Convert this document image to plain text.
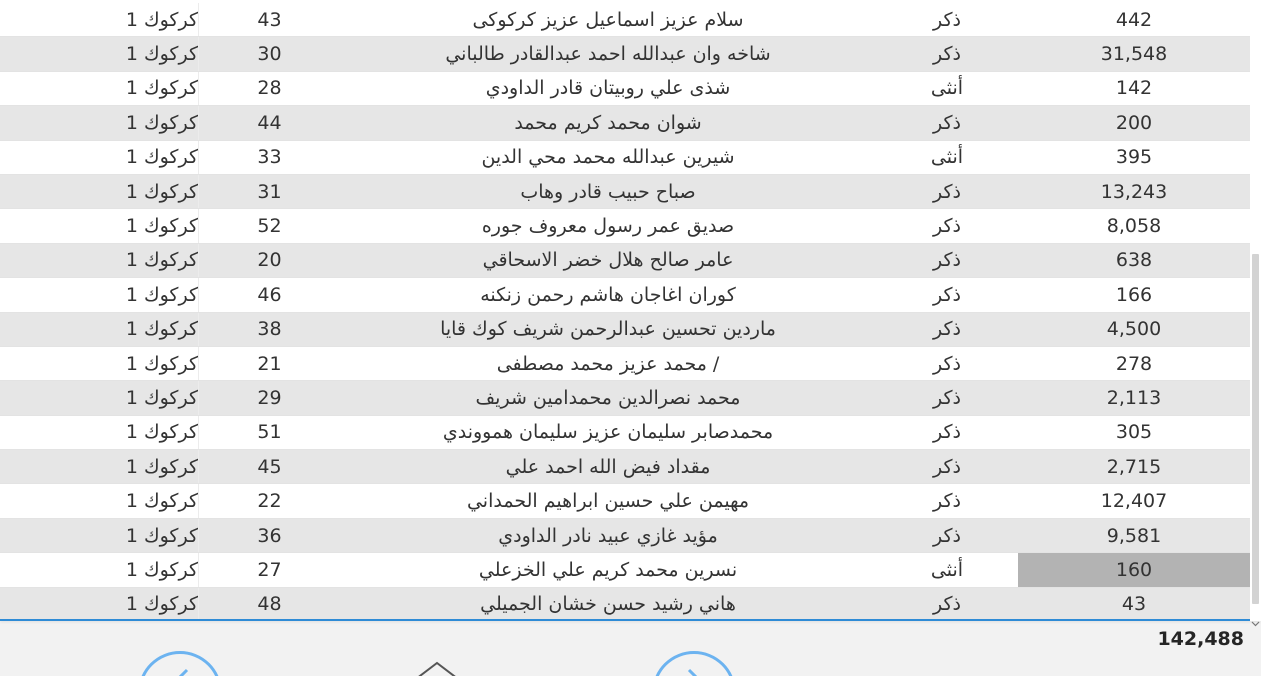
كركوك 1	43	سلام عزيز اسماعيل عزيز كركوكى	ذكر	442
كركوك 1	30	شاخه وان عبدالله احمد عبدالقادر طالباني	ذكر	31,548
كركوك 1	28	شذى علي روبيتان قادر الداودي	أنثى	142
كركوك 1	44	شوان محمد كريم محمد	ذكر	200
كركوك 1	33	شيرين عبدالله محمد محي الدين	أنثى	395
كركوك 1	31	صباح حبيب قادر وهاب	ذكر	13,243
كركوك 1	52	صديق عمر رسول معروف جوره	ذكر	8,058
كركوك 1	20	عامر صالح هلال خضر الاسحاقي	ذكر	638
كركوك 1	46	كوران اغاجان هاشم رحمن زنكنه	ذكر	166
كركوك 1	38	ماردين تحسين عبدالرحمن شريف كوك قايا	ذكر	4,500
كركوك 1	21	/ محمد عزيز محمد مصطفى	ذكر	278
كركوك 1	29	محمد نصرالدين محمدامين شريف	ذكر	2,113
كركوك 1	51	محمدصابر سليمان عزيز سليمان همووندي	ذكر	305
كركوك 1	45	مقداد فيض الله احمد علي	ذكر	2,715
كركوك 1	22	مهيمن علي حسين ابراهيم الحمداني	ذكر	12,407
كركوك 1	36	مؤيد غازي عبيد نادر الداودي	ذكر	9,581
كركوك 1	27	نسرين محمد كريم علي الخزعلي	أنثى	160
كركوك 1	48	هاني رشيد حسن خشان الجميلي	ذكر	43
142,488
